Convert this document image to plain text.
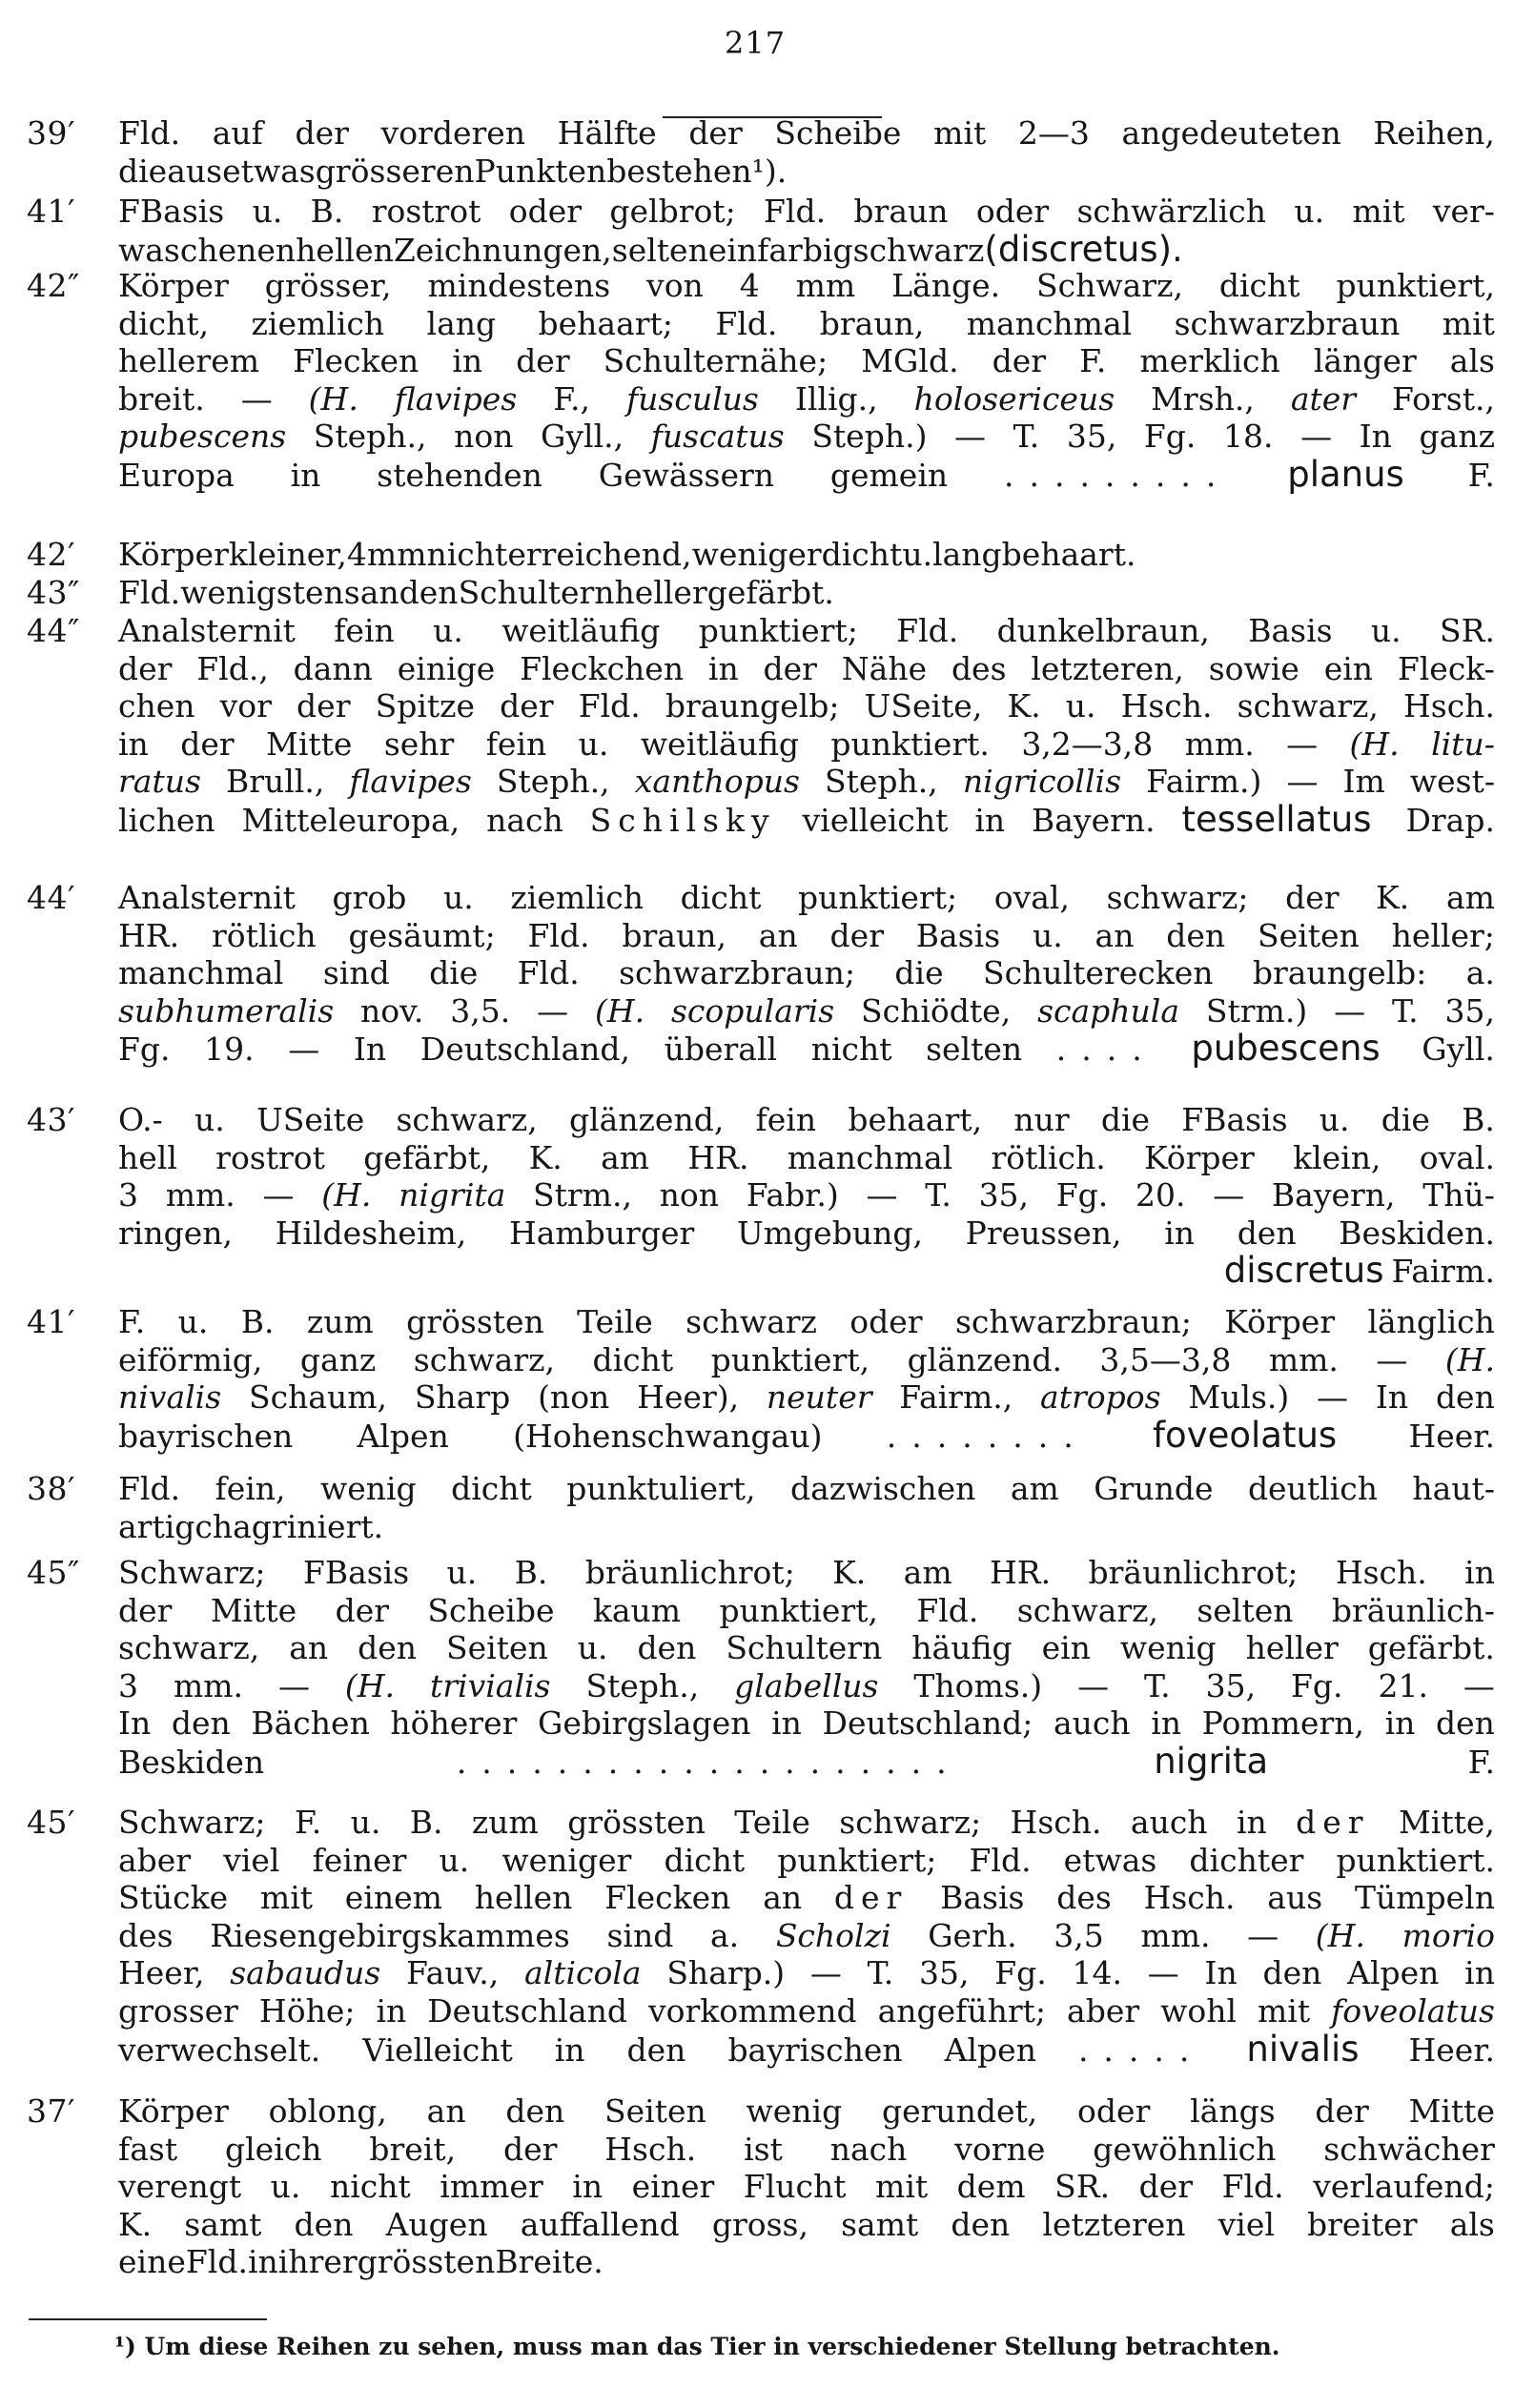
217
39′	Fld. auf der vorderen Hälfte der Scheibe mit 2—3 angedeuteten Reihen,
die aus etwas grösseren Punkten bestehen ¹).
41′	FBasis u. B. rostrot oder gelbrot; Fld. braun oder schwärzlich u. mit ver-
waschenen hellen Zeichnungen, selten einfarbig schwarz (discretus).
42″	Körper grösser, mindestens von 4 mm Länge. Schwarz, dicht punktiert,
dicht, ziemlich lang behaart; Fld. braun, manchmal schwarzbraun mit
hellerem Flecken in der Schulternähe; MGld. der F. merklich länger als
breit. — (H. flavipes F., fusculus Illig., holosericeus Mrsh., ater Forst.,
pubescens Steph., non Gyll., fuscatus Steph.) — T. 35, Fg. 18. — In ganz
Europa in stehenden Gewässern gemein ......... planus F.
42′	Körper kleiner, 4 mm nicht erreichend, weniger dicht u. lang behaart.
43″	Fld. wenigstens an den Schultern heller gefärbt.
44″	Analsternit fein u. weitläufig punktiert; Fld. dunkelbraun, Basis u. SR.
der Fld., dann einige Fleckchen in der Nähe des letzteren, sowie ein Fleck-
chen vor der Spitze der Fld. braungelb; USeite, K. u. Hsch. schwarz, Hsch.
in der Mitte sehr fein u. weitläufig punktiert. 3,2—3,8 mm. — (H. litu-
ratus Brull., flavipes Steph., xanthopus Steph., nigricollis Fairm.) — Im west-
lichen Mitteleuropa, nach Schilsky vielleicht in Bayern. tessellatus Drap.
44′	Analsternit grob u. ziemlich dicht punktiert; oval, schwarz; der K. am
HR. rötlich gesäumt; Fld. braun, an der Basis u. an den Seiten heller;
manchmal sind die Fld. schwarzbraun; die Schulterecken braungelb: a.
subhumeralis nov. 3,5. — (H. scopularis Schiödte, scaphula Strm.) — T. 35,
Fg. 19. — In Deutschland, überall nicht selten .... pubescens Gyll.
43′	O.- u. USeite schwarz, glänzend, fein behaart, nur die FBasis u. die B.
hell rostrot gefärbt, K. am HR. manchmal rötlich. Körper klein, oval.
3 mm. — (H. nigrita Strm., non Fabr.) — T. 35, Fg. 20. — Bayern, Thü-
ringen, Hildesheim, Hamburger Umgebung, Preussen, in den Beskiden.
discretus Fairm.
41′	F. u. B. zum grössten Teile schwarz oder schwarzbraun; Körper länglich
eiförmig, ganz schwarz, dicht punktiert, glänzend. 3,5—3,8 mm. — (H.
nivalis Schaum, Sharp (non Heer), neuter Fairm., atropos Muls.) — In den
bayrischen Alpen (Hohenschwangau) ........ foveolatus Heer.
38′	Fld. fein, wenig dicht punktuliert, dazwischen am Grunde deutlich haut-
artig chagriniert.
45″	Schwarz; FBasis u. B. bräunlichrot; K. am HR. bräunlichrot; Hsch. in
der Mitte der Scheibe kaum punktiert, Fld. schwarz, selten bräunlich-
schwarz, an den Seiten u. den Schultern häufig ein wenig heller gefärbt.
3 mm. — (H. trivialis Steph., glabellus Thoms.) — T. 35, Fg. 21. —
In den Bächen höherer Gebirgslagen in Deutschland; auch in Pommern, in den
Beskiden	....................	nigrita	F.
45′	Schwarz; F. u. B. zum grössten Teile schwarz; Hsch. auch in der Mitte,
aber viel feiner u. weniger dicht punktiert; Fld. etwas dichter punktiert.
Stücke mit einem hellen Flecken an der Basis des Hsch. aus Tümpeln
des Riesengebirgskammes sind a. Scholzi Gerh. 3,5 mm. — (H. morio
Heer, sabaudus Fauv., alticola Sharp.) — T. 35, Fg. 14. — In den Alpen in
grosser Höhe; in Deutschland vorkommend angeführt; aber wohl mit foveolatus
verwechselt. Vielleicht in den bayrischen Alpen ..... nivalis Heer.
37′	Körper oblong, an den Seiten wenig gerundet, oder längs der Mitte
fast gleich breit, der Hsch. ist nach vorne gewöhnlich schwächer
verengt u. nicht immer in einer Flucht mit dem SR. der Fld. verlaufend;
K. samt den Augen auffallend gross, samt den letzteren viel breiter als
eine Fld. in ihrer grössten Breite.
¹) Um diese Reihen zu sehen, muss man das Tier in verschiedener Stellung betrachten.
